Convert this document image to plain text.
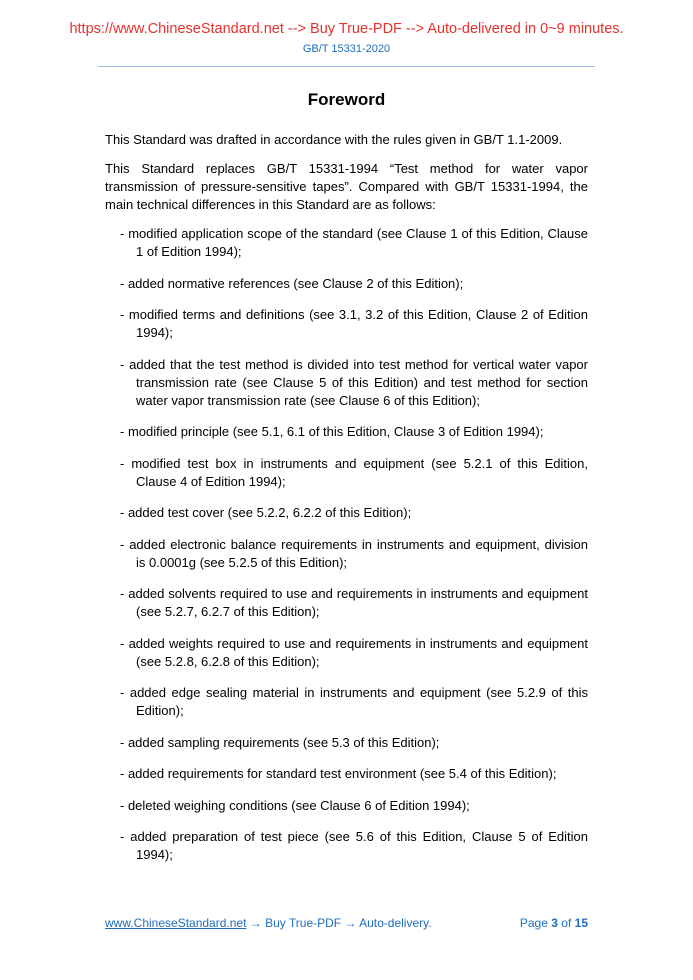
https://www.ChineseStandard.net --> Buy True-PDF --> Auto-delivered in 0~9 minutes.
GB/T 15331-2020
Foreword

This Standard was drafted in accordance with the rules given in GB/T 1.1-2009.

This Standard replaces GB/T 15331-1994 “Test method for water vapor transmission of pressure-sensitive tapes”. Compared with GB/T 15331-1994, the main technical differences in this Standard are as follows:

- modified application scope of the standard (see Clause 1 of this Edition, Clause 1 of Edition 1994);
- added normative references (see Clause 2 of this Edition);
- modified terms and definitions (see 3.1, 3.2 of this Edition, Clause 2 of Edition 1994);
- added that the test method is divided into test method for vertical water vapor transmission rate (see Clause 5 of this Edition) and test method for section water vapor transmission rate (see Clause 6 of this Edition);
- modified principle (see 5.1, 6.1 of this Edition, Clause 3 of Edition 1994);
- modified test box in instruments and equipment (see 5.2.1 of this Edition, Clause 4 of Edition 1994);
- added test cover (see 5.2.2, 6.2.2 of this Edition);
- added electronic balance requirements in instruments and equipment, division is 0.0001g (see 5.2.5 of this Edition);
- added solvents required to use and requirements in instruments and equipment (see 5.2.7, 6.2.7 of this Edition);
- added weights required to use and requirements in instruments and equipment (see 5.2.8, 6.2.8 of this Edition);
- added edge sealing material in instruments and equipment (see 5.2.9 of this Edition);
- added sampling requirements (see 5.3 of this Edition);
- added requirements for standard test environment (see 5.4 of this Edition);
- deleted weighing conditions (see Clause 6 of Edition 1994);
- added preparation of test piece (see 5.6 of this Edition, Clause 5 of Edition 1994);
www.ChineseStandard.net → Buy True-PDF → Auto-delivery.	Page 3 of 15
